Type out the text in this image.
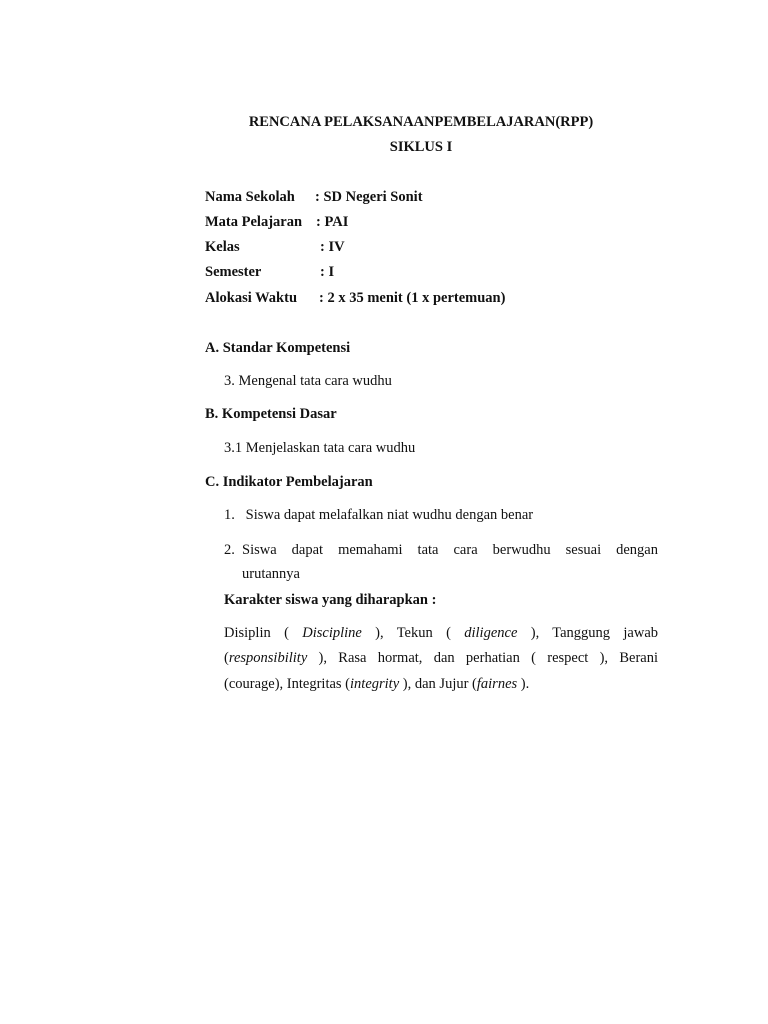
RENCANA PELAKSANAANPEMBELAJARAN(RPP)
SIKLUS I
Nama Sekolah : SD Negeri Sonit
Mata Pelajaran : PAI
Kelas	: IV
Semester	: I
Alokasi Waktu : 2 x 35 menit (1 x pertemuan)
A. Standar Kompetensi
3. Mengenal tata cara wudhu
B. Kompetensi Dasar
3.1 Menjelaskan tata cara wudhu
C. Indikator Pembelajaran
1. Siswa dapat melafalkan niat wudhu dengan benar
2. Siswa dapat memahami tata cara berwudhu sesuai dengan
urutannya
Karakter siswa yang diharapkan :
Disiplin ( Discipline ), Tekun ( diligence ), Tanggung jawab
(responsibility ), Rasa hormat, dan perhatian ( respect ), Berani
(courage), Integritas (integrity ), dan Jujur (fairnes ).
